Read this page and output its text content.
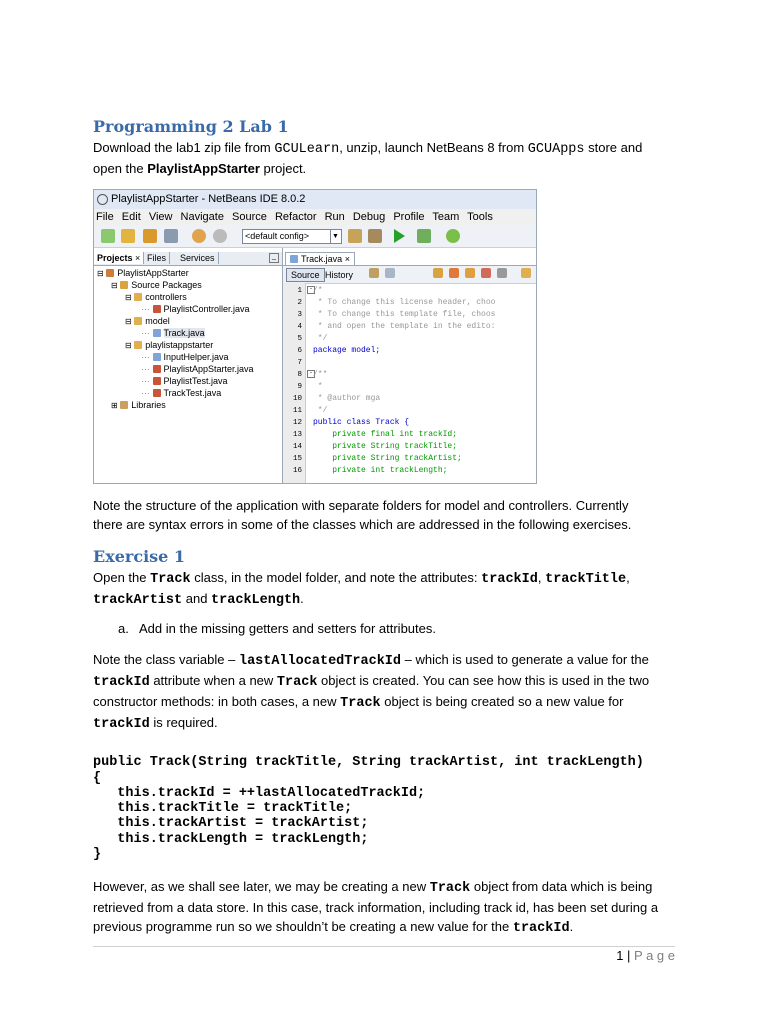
Programming 2 Lab 1
Download the lab1 zip file from GCULearn, unzip, launch NetBeans 8 from GCUApps store and
open the PlaylistAppStarter project.
PlaylistAppStarter - NetBeans IDE 8.0.2
File Edit View Navigate Source Refactor Run Debug Profile Team Tools
<default config>	▼
Projects × Files	Services	_
⊟ PlaylistAppStarter
⊟ Source Packages
⊟ controllers
··· PlaylistController.java
⊟ model
··· Track.java
⊟ playlistappstarter
··· InputHelper.java
··· PlaylistAppStarter.java
··· PlaylistTest.java
··· TrackTest.java
⊞ Libraries
Track.java ×
Source History
1
2
3
4
5
6
7
8
9
10
11
12
13
14
15
16
-
-
/*
* To change this license header, choo
* To change this template file, choos
* and open the template in the edito:
*/
package model;
/**
*
* @author mga
*/
public class Track {
private final int trackId;
private String trackTitle;
private String trackArtist;
private int trackLength;
Note the structure of the application with separate folders for model and controllers. Currently
there are syntax errors in some of the classes which are addressed in the following exercises.
Exercise 1
Open the Track class, in the model folder, and note the attributes: trackId, trackTitle,
trackArtist and trackLength.
a. Add in the missing getters and setters for attributes.
Note the class variable – lastAllocatedTrackId – which is used to generate a value for the
trackId attribute when a new Track object is created. You can see how this is used in the two
constructor methods: in both cases, a new Track object is being created so a new value for
trackId is required.

public Track(String trackTitle, String trackArtist, int trackLength)
{
this.trackId = ++lastAllocatedTrackId;
this.trackTitle = trackTitle;
this.trackArtist = trackArtist;
this.trackLength = trackLength;
}

However, as we shall see later, we may be creating a new Track object from data which is being
retrieved from a data store. In this case, track information, including track id, has been set during a
previous programme run so we shouldn’t be creating a new value for the trackId.
1 | P a g e
